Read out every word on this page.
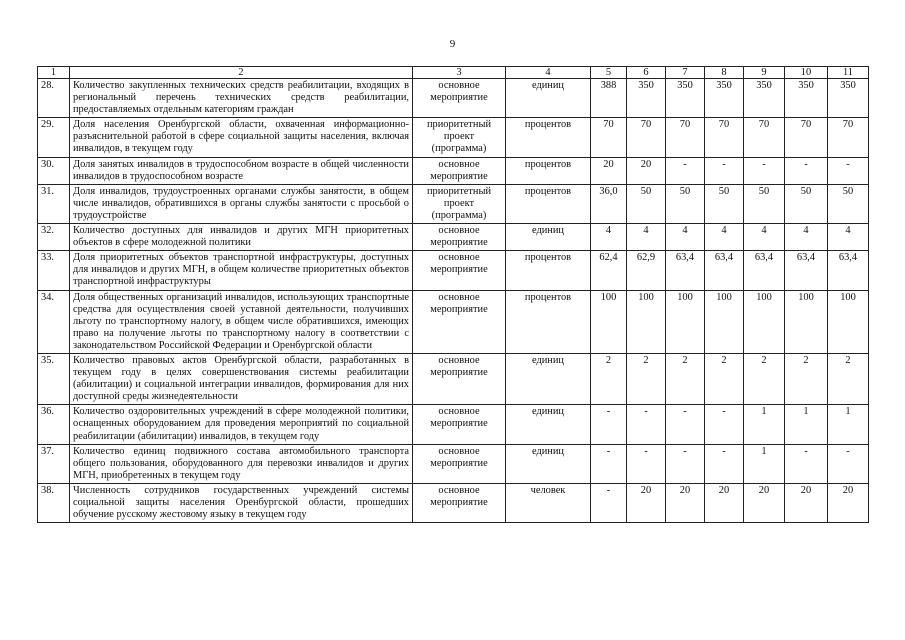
9
1	2	3	4	5	6	7	8	9	10	11
28.	Количество закупленных технических средств реабилитации, входящих в региональный перечень технических средств реабилитации, предоставляемых отдельным категориям граждан	основное мероприятие	единиц	388	350	350	350	350	350	350
29.	Доля населения Оренбургской области, охваченная информационно-разъяснительной работой в сфере социальной защиты населения, включая инвалидов, в текущем году	приоритетный проект (программа)	процентов	70	70	70	70	70	70	70
30.	Доля занятых инвалидов в трудоспособном возрасте в общей численности инвалидов в трудоспособном возрасте	основное мероприятие	процентов	20	20	-	-	-	-	-
31.	Доля инвалидов, трудоустроенных органами службы занятости, в общем числе инвалидов, обратившихся в органы службы занятости с просьбой о трудоустройстве	приоритетный проект (программа)	процентов	36,0	50	50	50	50	50	50
32.	Количество доступных для инвалидов и других МГН приоритетных объектов в сфере молодежной политики	основное мероприятие	единиц	4	4	4	4	4	4	4
33.	Доля приоритетных объектов транспортной инфраструктуры, доступных для инвалидов и других МГН, в общем количестве приоритетных объектов транспортной инфраструктуры	основное мероприятие	процентов	62,4	62,9	63,4	63,4	63,4	63,4	63,4
34.	Доля общественных организаций инвалидов, использующих транспортные средства для осуществления своей уставной деятельности, получивших льготу по транспортному налогу, в общем числе обратившихся, имеющих право на получение льготы по транспортному налогу в соответствии с законодательством Российской Федерации и Оренбургской области	основное мероприятие	процентов	100	100	100	100	100	100	100
35.	Количество правовых актов Оренбургской области, разработанных в текущем году в целях совершенствования системы реабилитации (абилитации) и социальной интеграции инвалидов, формирования для них доступной среды жизнедеятельности	основное мероприятие	единиц	2	2	2	2	2	2	2
36.	Количество оздоровительных учреждений в сфере молодежной политики, оснащенных оборудованием для проведения мероприятий по социальной реабилитации (абилитации) инвалидов, в текущем году	основное мероприятие	единиц	-	-	-	-	1	1	1
37.	Количество единиц подвижного состава автомобильного транспорта общего пользования, оборудованного для перевозки инвалидов и других МГН, приобретенных в текущем году	основное мероприятие	единиц	-	-	-	-	1	-	-
38.	Численность сотрудников государственных учреждений системы социальной защиты населения Оренбургской области, прошедших обучение русскому жестовому языку в текущем году	основное мероприятие	человек	-	20	20	20	20	20	20
